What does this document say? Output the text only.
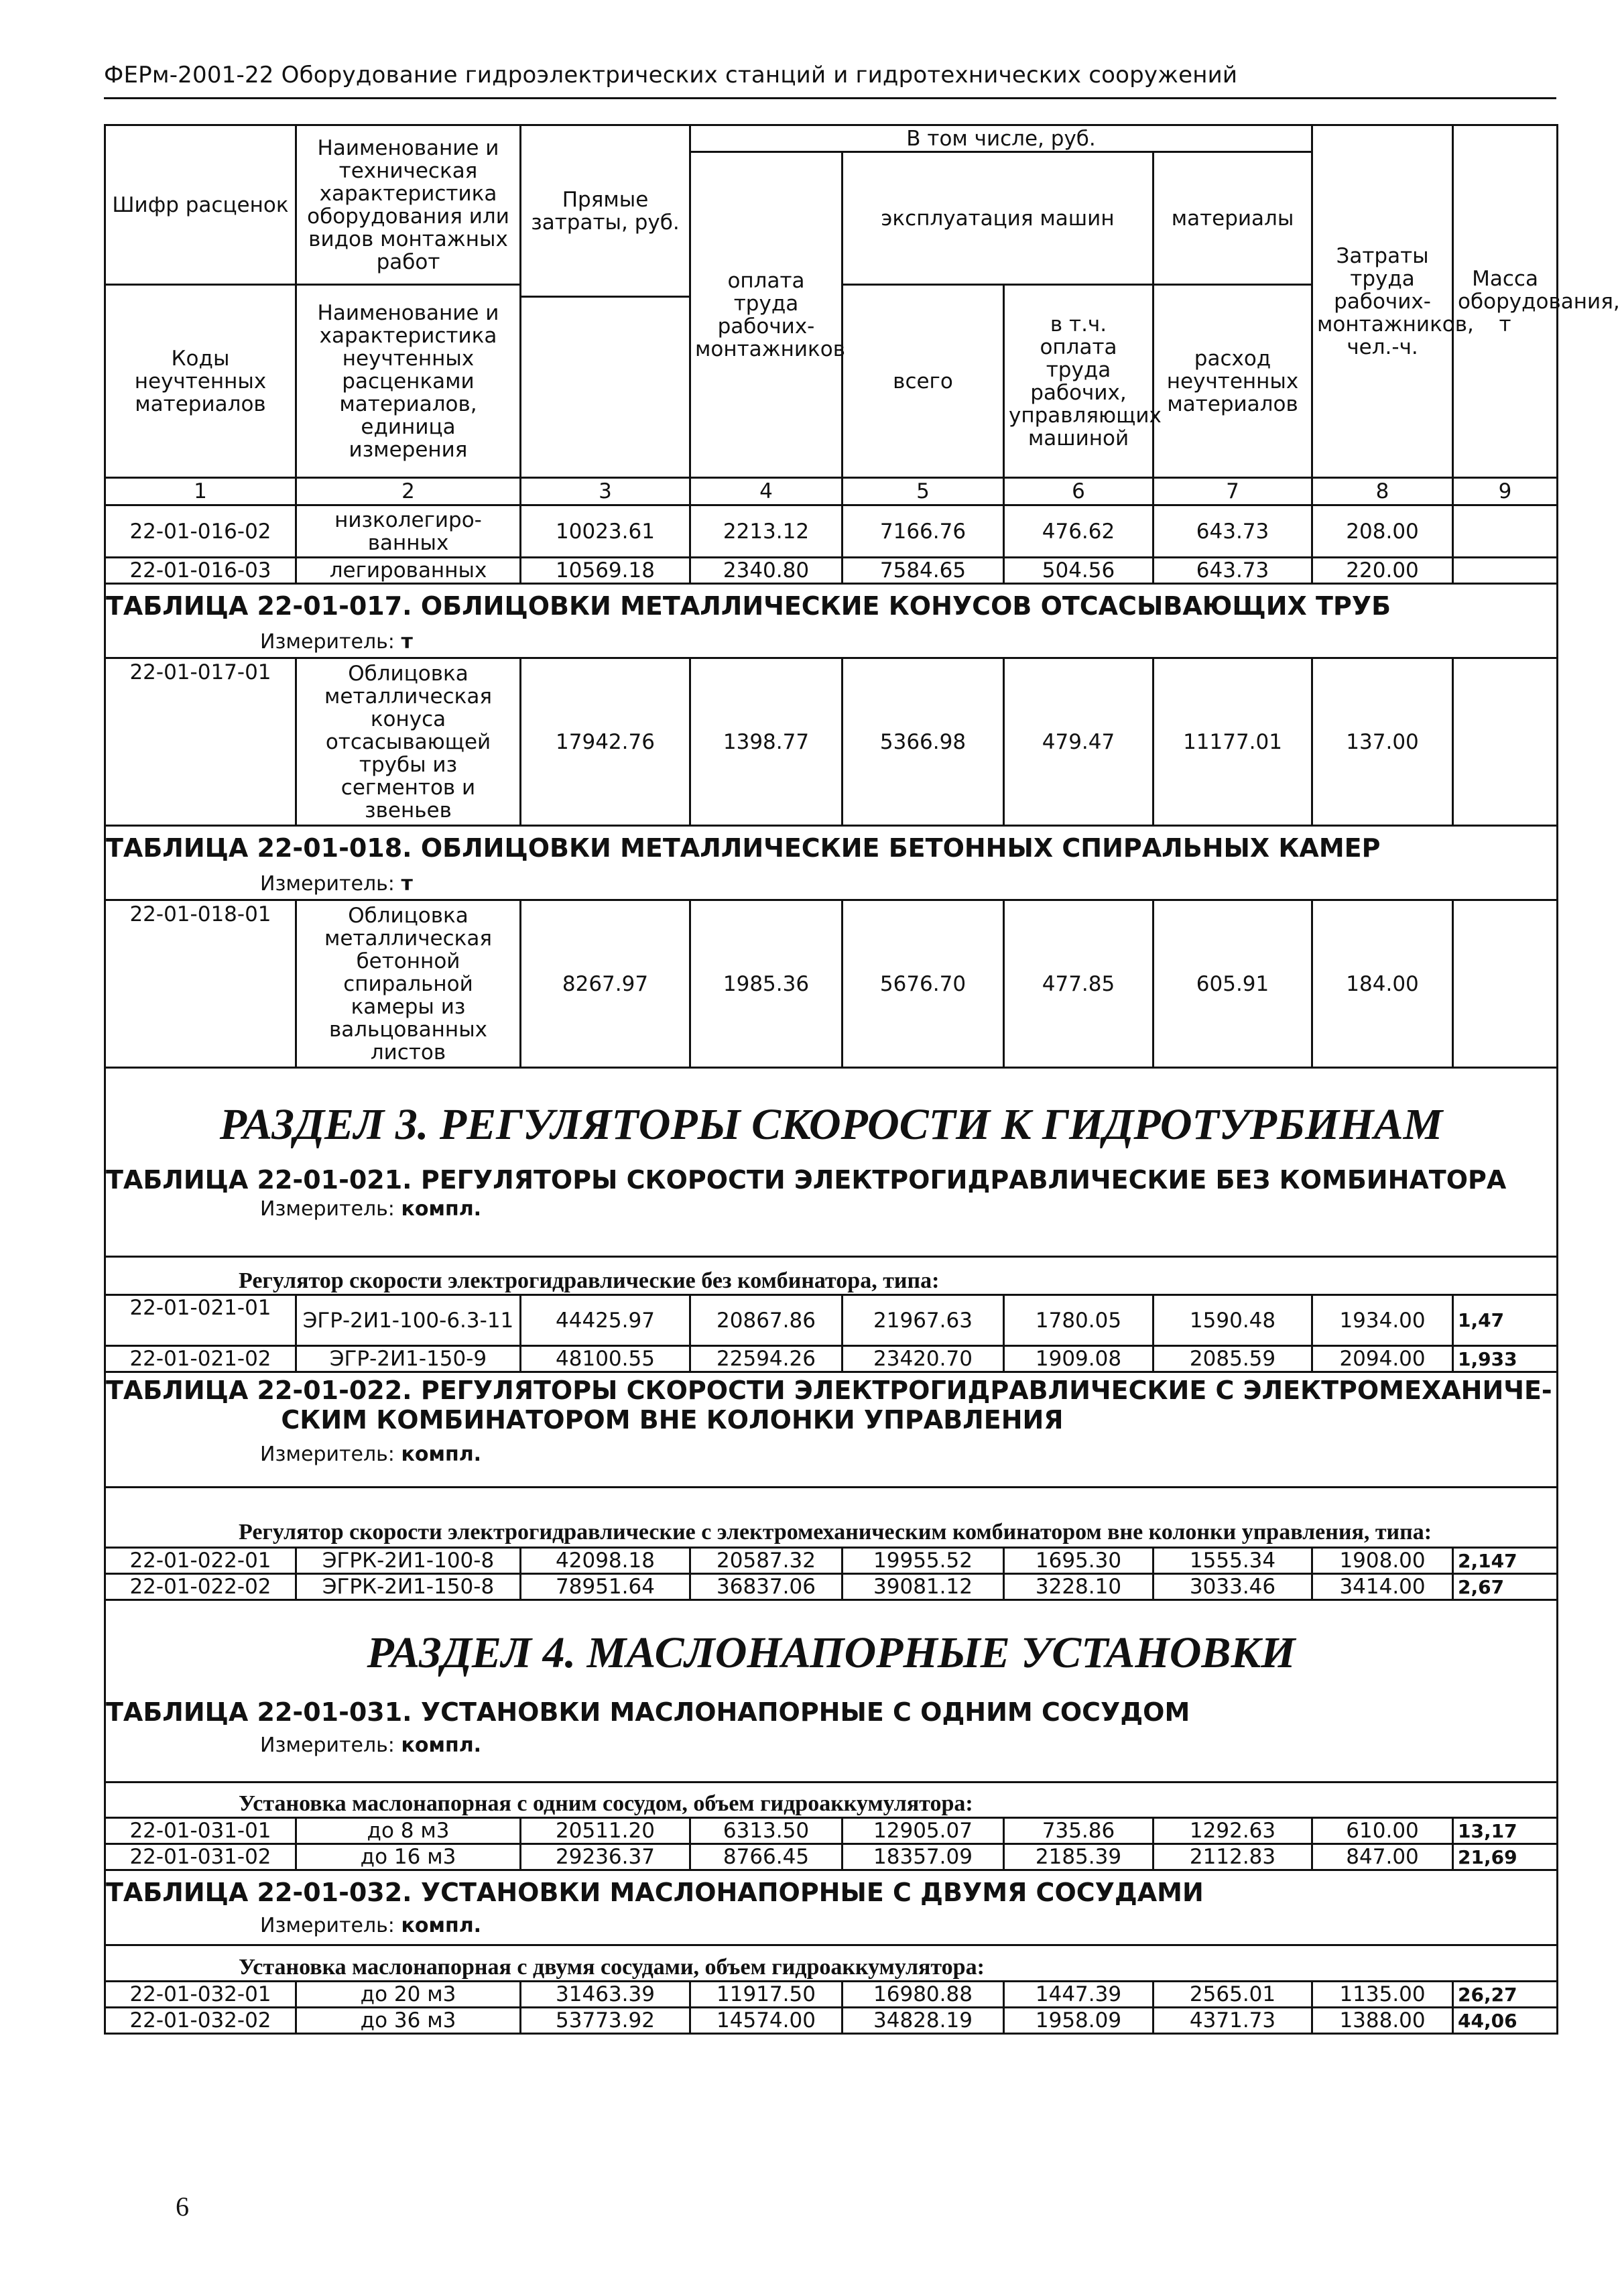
ФЕРм-2001-22 Оборудование гидроэлектрических станций и гидротехнических сооружений
Шифр расценок	Наименование и техническая характеристика оборудования или видов монтажных работ	Прямые затраты, руб.	В том числе, руб.				Затраты труда рабочих-монтажников, чел.-ч.	Масса оборудования, т
			оплата труда рабочих-монтажников	эксплуатация машин		материалы		

Коды неучтенных материалов	Наименование и характеристика неучтенных расценками материалов, единица измерения			всего	в т.ч. оплата труда рабочих, управляющих машиной	расход неучтенных материалов		

1	2	3	4	5	6	7	8	9
22-01-016-02	низколегиро-ванных	10023.61	2213.12	7166.76	476.62	643.73	208.00	
22-01-016-03	легированных	10569.18	2340.80	7584.65	504.56	643.73	220.00	

ТАБЛИЦА 22-01-017. ОБЛИЦОВКИ МЕТАЛЛИЧЕСКИЕ КОНУСОВ ОТСАСЫВАЮЩИХ ТРУБ
Измеритель: т								

22-01-017-01	Облицовка металлическая конуса отсасывающей трубы из сегментов и звеньев	17942.76	1398.77	5366.98	479.47	11177.01	137.00	

ТАБЛИЦА 22-01-018. ОБЛИЦОВКИ МЕТАЛЛИЧЕСКИЕ БЕТОННЫХ СПИРАЛЬНЫХ КАМЕР
Измеритель: т								

22-01-018-01	Облицовка металлическая бетонной спиральной камеры из вальцованных листов	8267.97	1985.36	5676.70	477.85	605.91	184.00	

РАЗДЕЛ 3. РЕГУЛЯТОРЫ СКОРОСТИ К ГИДРОТУРБИНАМ
ТАБЛИЦА 22-01-021. РЕГУЛЯТОРЫ СКОРОСТИ ЭЛЕКТРОГИДРАВЛИЧЕСКИЕ БЕЗ КОМБИНАТОРА
Измеритель: компл.								

Регулятор скорости электрогидравлические без комбинатора, типа:								
22-01-021-01	ЭГР-2И1-100-6.3-11	44425.97	20867.86	21967.63	1780.05	1590.48	1934.00	1,47
22-01-021-02	ЭГР-2И1-150-9	48100.55	22594.26	23420.70	1909.08	2085.59	2094.00	1,933

ТАБЛИЦА 22-01-022. РЕГУЛЯТОРЫ СКОРОСТИ ЭЛЕКТРОГИДРАВЛИЧЕСКИЕ С ЭЛЕКТРОМЕХАНИЧЕ-
СКИМ КОМБИНАТОРОМ ВНЕ КОЛОНКИ УПРАВЛЕНИЯ
Измеритель: компл.								

Регулятор скорости электрогидравлические с электромеханическим комбинатором вне колонки управления, типа:								
22-01-022-01	ЭГРК-2И1-100-8	42098.18	20587.32	19955.52	1695.30	1555.34	1908.00	2,147
22-01-022-02	ЭГРК-2И1-150-8	78951.64	36837.06	39081.12	3228.10	3033.46	3414.00	2,67

РАЗДЕЛ 4. МАСЛОНАПОРНЫЕ УСТАНОВКИ
ТАБЛИЦА 22-01-031. УСТАНОВКИ МАСЛОНАПОРНЫЕ С ОДНИМ СОСУДОМ
Измеритель: компл.								

Установка маслонапорная с одним сосудом, объем гидроаккумулятора:								
22-01-031-01	до 8 м3	20511.20	6313.50	12905.07	735.86	1292.63	610.00	13,17
22-01-031-02	до 16 м3	29236.37	8766.45	18357.09	2185.39	2112.83	847.00	21,69

ТАБЛИЦА 22-01-032. УСТАНОВКИ МАСЛОНАПОРНЫЕ С ДВУМЯ СОСУДАМИ
Измеритель: компл.								

Установка маслонапорная с двумя сосудами, объем гидроаккумулятора:								
22-01-032-01	до 20 м3	31463.39	11917.50	16980.88	1447.39	2565.01	1135.00	26,27
22-01-032-02	до 36 м3	53773.92	14574.00	34828.19	1958.09	4371.73	1388.00	44,06
6
